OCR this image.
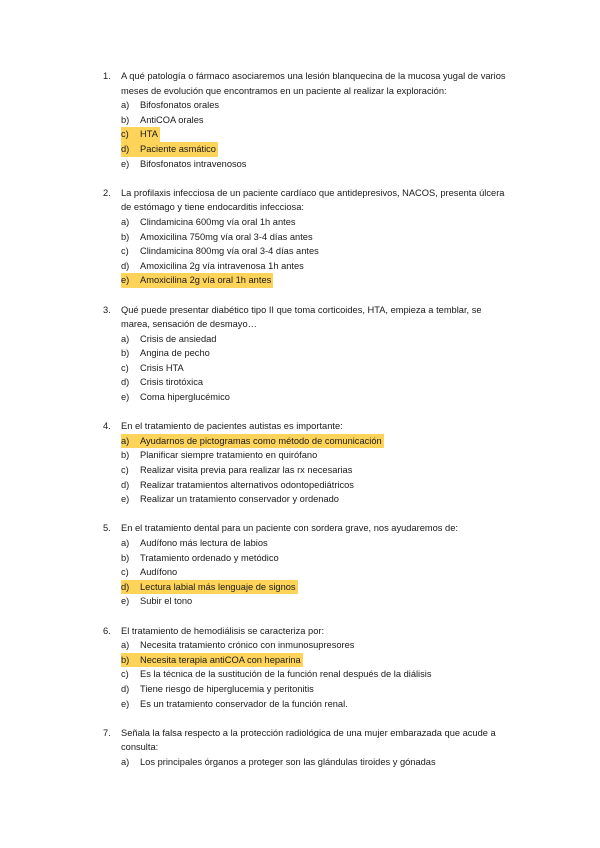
1.	A qué patología o fármaco asociaremos una lesión blanquecina de la mucosa yugal de varios meses de evolución que encontramos en un paciente al realizar la exploración:
a) Bifosfonatos orales
b) AntiCOA orales
c) HTA
d) Paciente asmático
e) Bifosfonatos intravenosos
2.	La profilaxis infecciosa de un paciente cardíaco que antidepresivos, NACOS, presenta úlcera de estómago y tiene endocarditis infecciosa:
a) Clindamicina 600mg vía oral 1h antes
b) Amoxicilina 750mg vía oral 3-4 días antes
c) Clindamicina 800mg vía oral 3-4 días antes
d) Amoxicilina 2g vía intravenosa 1h antes
e) Amoxicilina 2g vía oral 1h antes
3.	Qué puede presentar diabético tipo II que toma corticoides, HTA, empieza a temblar, se marea, sensación de desmayo…
a) Crisis de ansiedad
b) Angina de pecho
c) Crisis HTA
d) Crisis tirotóxica
e) Coma hiperglucémico
4.	En el tratamiento de pacientes autistas es importante:
a) Ayudarnos de pictogramas como método de comunicación
b) Planificar siempre tratamiento en quirófano
c) Realizar visita previa para realizar las rx necesarias
d) Realizar tratamientos alternativos odontopediátricos
e) Realizar un tratamiento conservador y ordenado
5.	En el tratamiento dental para un paciente con sordera grave, nos ayudaremos de:
a) Audífono más lectura de labios
b) Tratamiento ordenado y metódico
c) Audífono
d) Lectura labial más lenguaje de signos
e) Subir el tono
6.	El tratamiento de hemodiálisis se caracteriza por:
a) Necesita tratamiento crónico con inmunosupresores
b) Necesita terapia antiCOA con heparina
c) Es la técnica de la sustitución de la función renal después de la diálisis
d) Tiene riesgo de hiperglucemia y peritonitis
e) Es un tratamiento conservador de la función renal.
7.	Señala la falsa respecto a la protección radiológica de una mujer embarazada que acude a consulta:
a) Los principales órganos a proteger son las glándulas tiroides y gónadas
